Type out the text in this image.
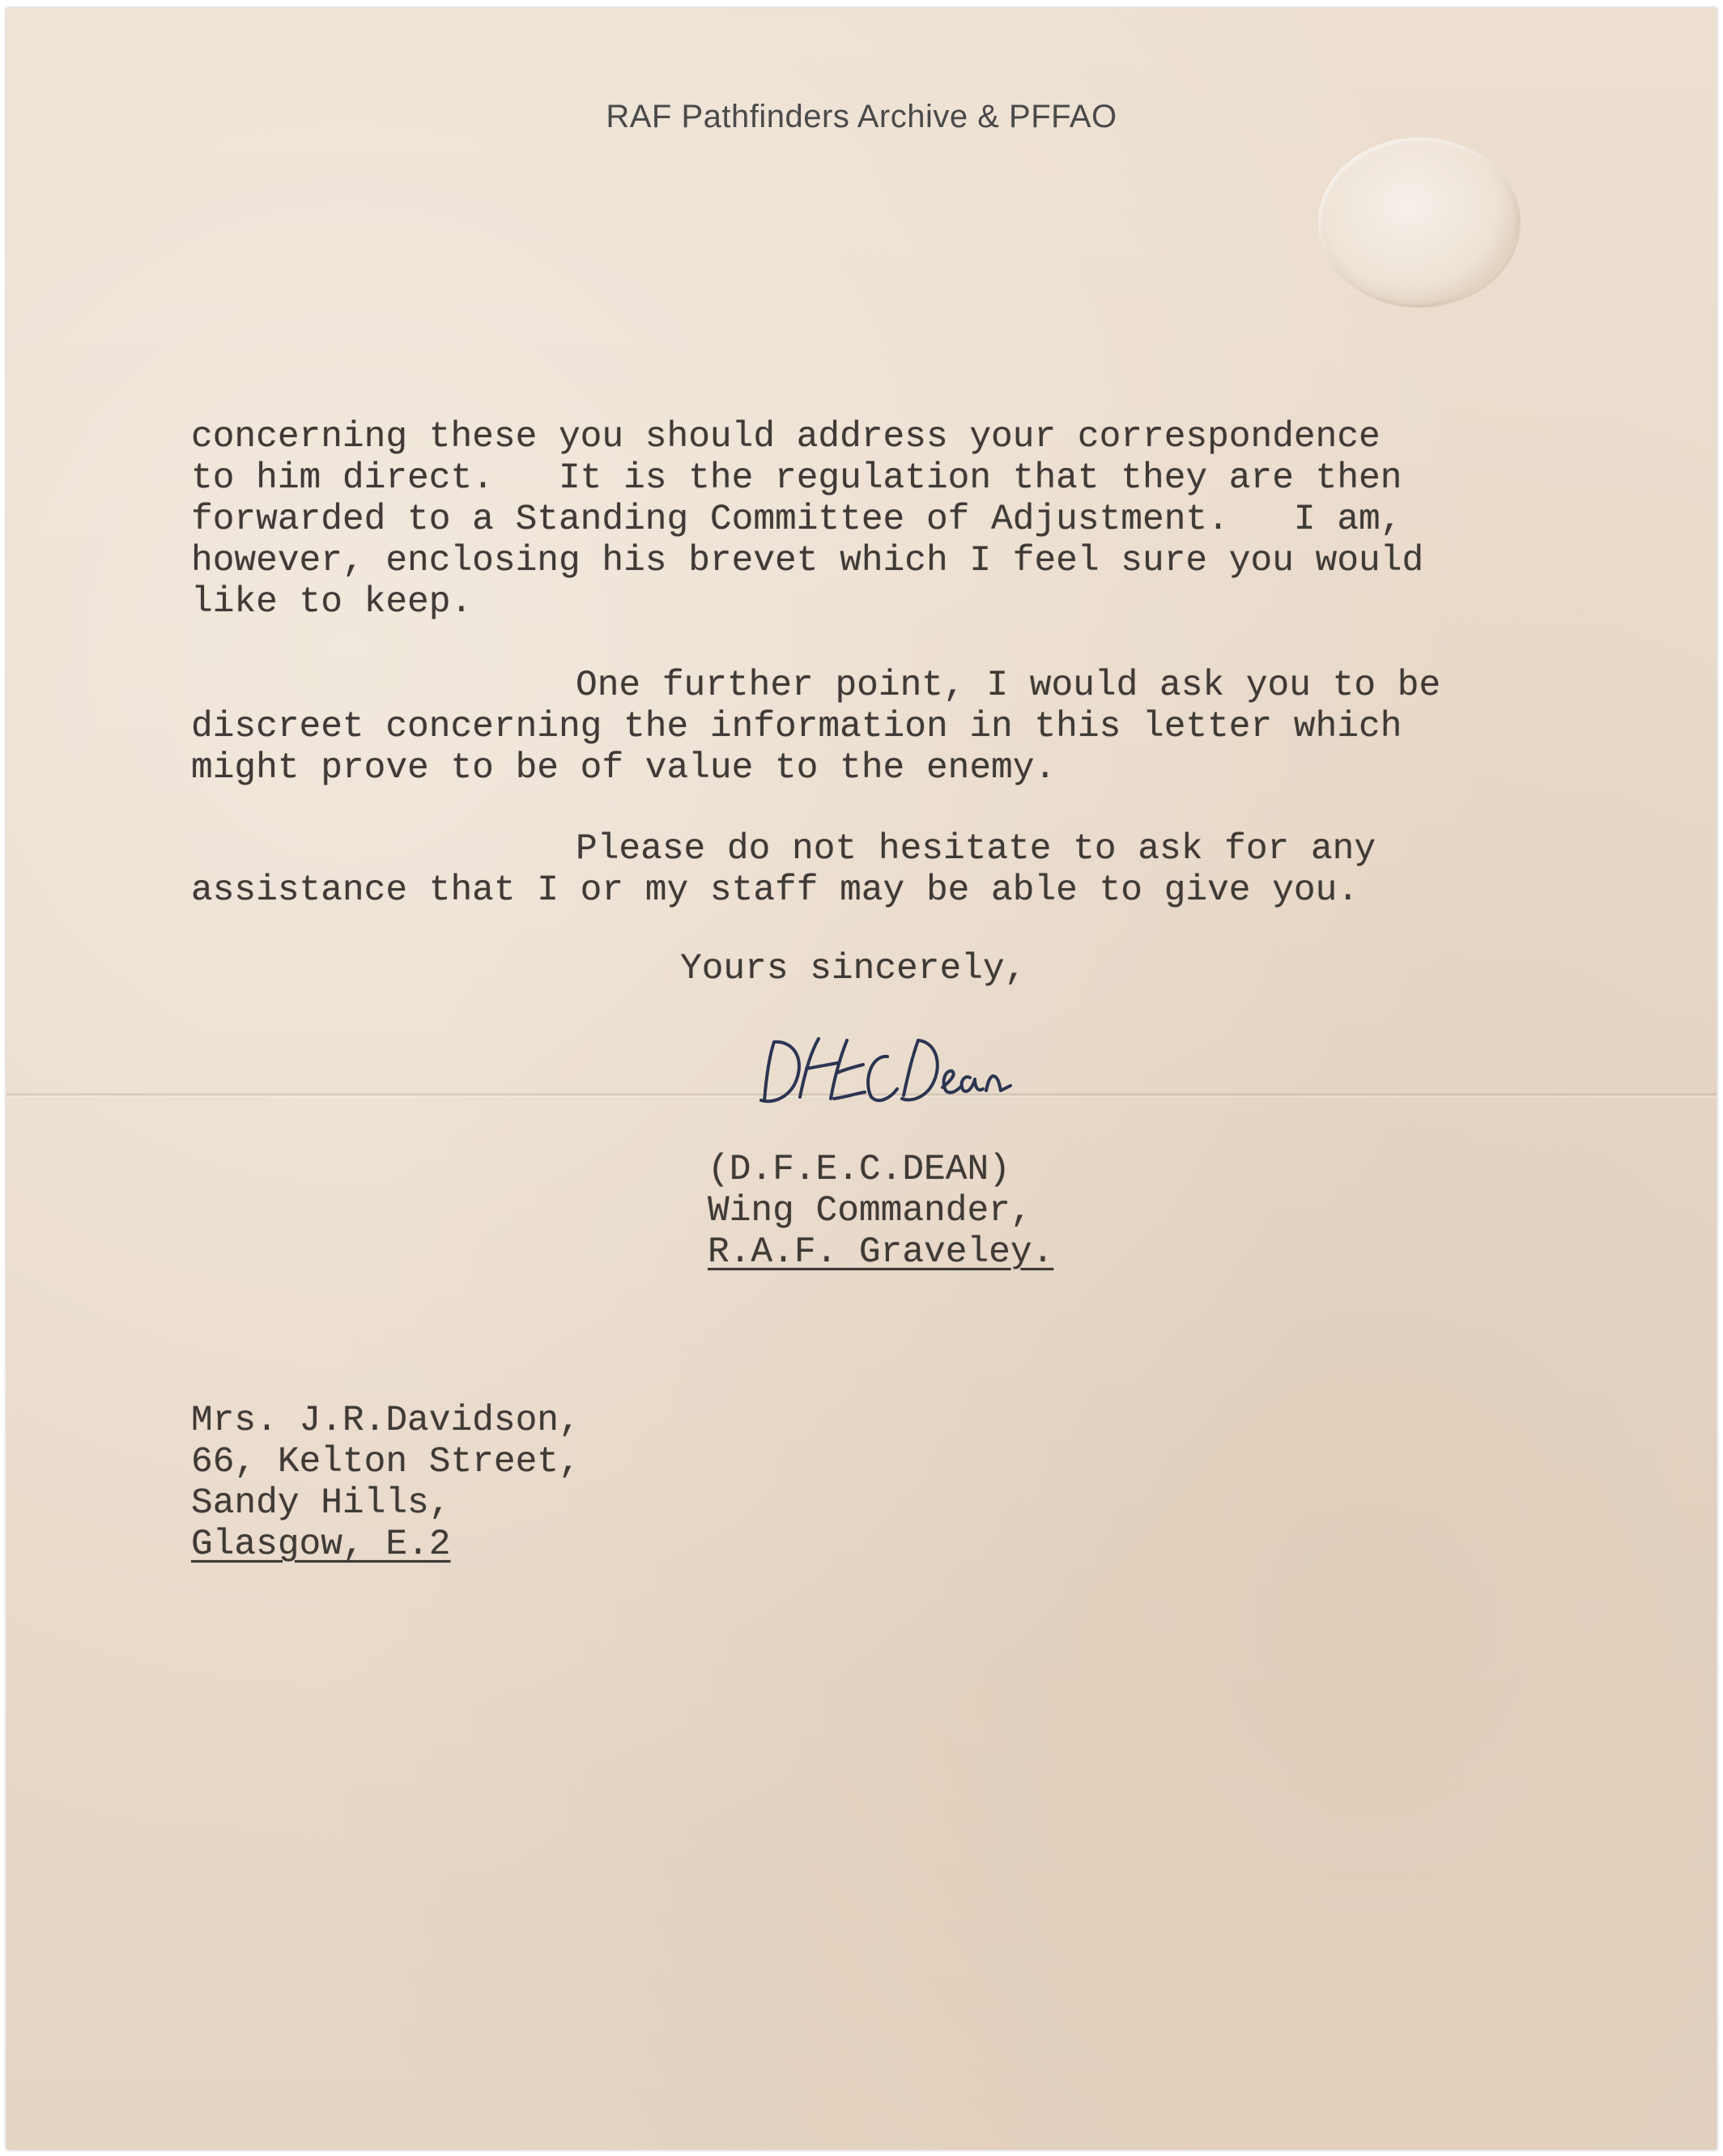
RAF Pathfinders Archive & PFFAO
concerning these you should address your correspondence
to him direct.   It is the regulation that they are then
forwarded to a Standing Committee of Adjustment.   I am,
however, enclosing his brevet which I feel sure you would
like to keep.
One further point, I would ask you to be
discreet concerning the information in this letter which
might prove to be of value to the enemy.
Please do not hesitate to ask for any
assistance that I or my staff may be able to give you.
Yours sincerely,
(D.F.E.C.DEAN)
Wing Commander,
R.A.F. Graveley.
Mrs. J.R.Davidson,
66, Kelton Street,
Sandy Hills,
Glasgow, E.2
